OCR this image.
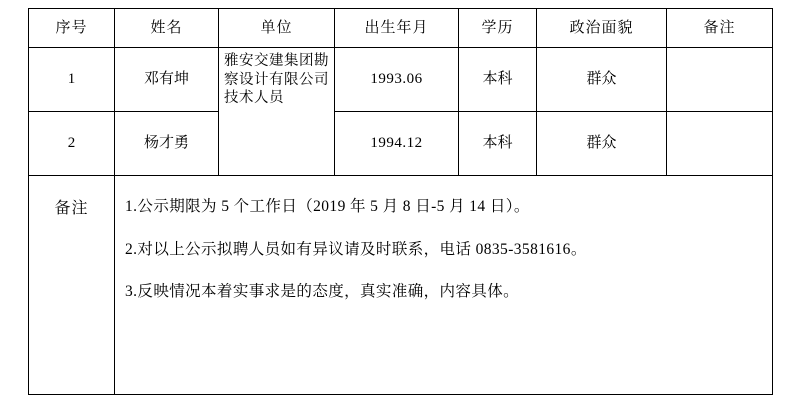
序号	姓名	单位	出生年月	学历	政治面貌	备注
1	邓有坤	雅安交建集团勘察设计有限公司技术人员	1993.06	本科	群众	
2	杨才勇		1994.12	本科	群众	
备注	1.公示期限为 5 个工作日（2019 年 5 月 8 日-5 月 14 日）。
2.对以上公示拟聘人员如有异议请及时联系，电话 0835-3581616。
3.反映情况本着实事求是的态度，真实准确，内容具体。
